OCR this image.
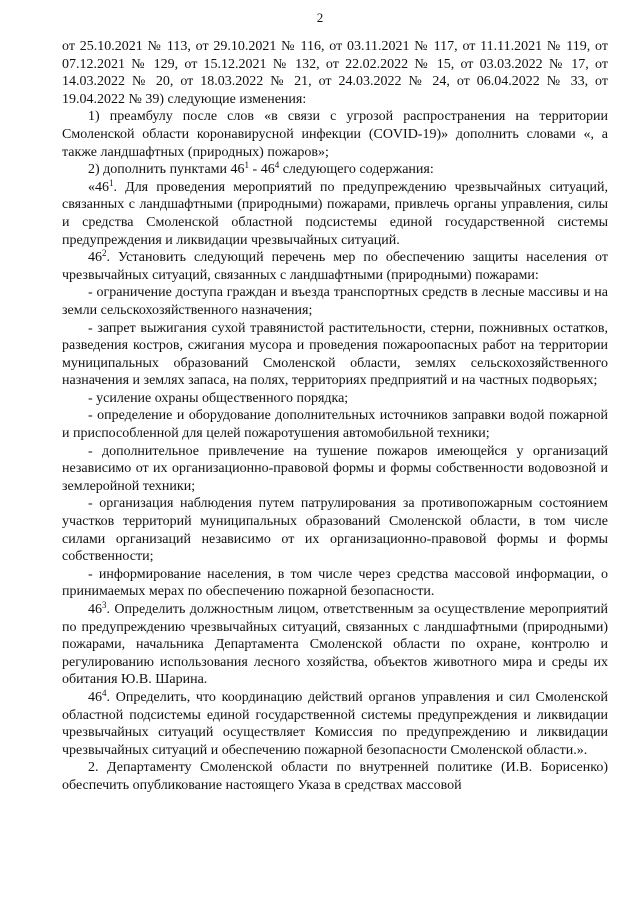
2

от 25.10.2021 № 113, от 29.10.2021 № 116, от 03.11.2021 № 117, от 11.11.2021 № 119, от 07.12.2021 № 129, от 15.12.2021 № 132, от 22.02.2022 № 15, от 03.03.2022 № 17, от 14.03.2022 № 20, от 18.03.2022 № 21, от 24.03.2022 № 24, от 06.04.2022 № 33, от 19.04.2022 № 39) следующие изменения:

1) преамбулу после слов «в связи с угрозой распространения на территории Смоленской области коронавирусной инфекции (COVID-19)» дополнить словами «, а также ландшафтных (природных) пожаров»;

2) дополнить пунктами $46^1 - 46^4$ следующего содержания:

«$46^1$. Для проведения мероприятий по предупреждению чрезвычайных ситуаций, связанных с ландшафтными (природными) пожарами, привлечь органы управления, силы и средства Смоленской областной подсистемы единой государственной системы предупреждения и ликвидации чрезвычайных ситуаций.

$46^2$. Установить следующий перечень мер по обеспечению защиты населения от чрезвычайных ситуаций, связанных с ландшафтными (природными) пожарами:

- ограничение доступа граждан и въезда транспортных средств в лесные массивы и на земли сельскохозяйственного назначения;

- запрет выжигания сухой травянистой растительности, стерни, пожнивных остатков, разведения костров, сжигания мусора и проведения пожароопасных работ на территории муниципальных образований Смоленской области, землях сельскохозяйственного назначения и землях запаса, на полях, территориях предприятий и на частных подворьях;

- усиление охраны общественного порядка;

- определение и оборудование дополнительных источников заправки водой пожарной и приспособленной для целей пожаротушения автомобильной техники;

- дополнительное привлечение на тушение пожаров имеющейся у организаций независимо от их организационно-правовой формы и формы собственности водовозной и землеройной техники;

- организация наблюдения путем патрулирования за противопожарным состоянием участков территорий муниципальных образований Смоленской области, в том числе силами организаций независимо от их организационно-правовой формы и формы собственности;

- информирование населения, в том числе через средства массовой информации, о принимаемых мерах по обеспечению пожарной безопасности.

$46^3$. Определить должностным лицом, ответственным за осуществление мероприятий по предупреждению чрезвычайных ситуаций, связанных с ландшафтными (природными) пожарами, начальника Департамента Смоленской области по охране, контролю и регулированию использования лесного хозяйства, объектов животного мира и среды их обитания Ю.В. Шарина.

$46^4$. Определить, что координацию действий органов управления и сил Смоленской областной подсистемы единой государственной системы предупреждения и ликвидации чрезвычайных ситуаций осуществляет Комиссия по предупреждению и ликвидации чрезвычайных ситуаций и обеспечению пожарной безопасности Смоленской области.».

2. Департаменту Смоленской области по внутренней политике (И.В. Борисенко) обеспечить опубликование настоящего Указа в средствах массовой
